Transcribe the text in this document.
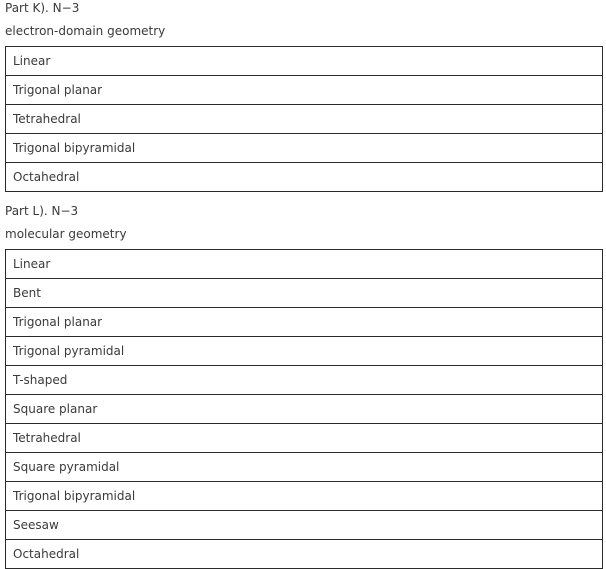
Part K). N−3
electron-domain geometry
Linear
Trigonal planar
Tetrahedral
Trigonal bipyramidal
Octahedral
Part L). N−3
molecular geometry
Linear
Bent
Trigonal planar
Trigonal pyramidal
T-shaped
Square planar
Tetrahedral
Square pyramidal
Trigonal bipyramidal
Seesaw
Octahedral
